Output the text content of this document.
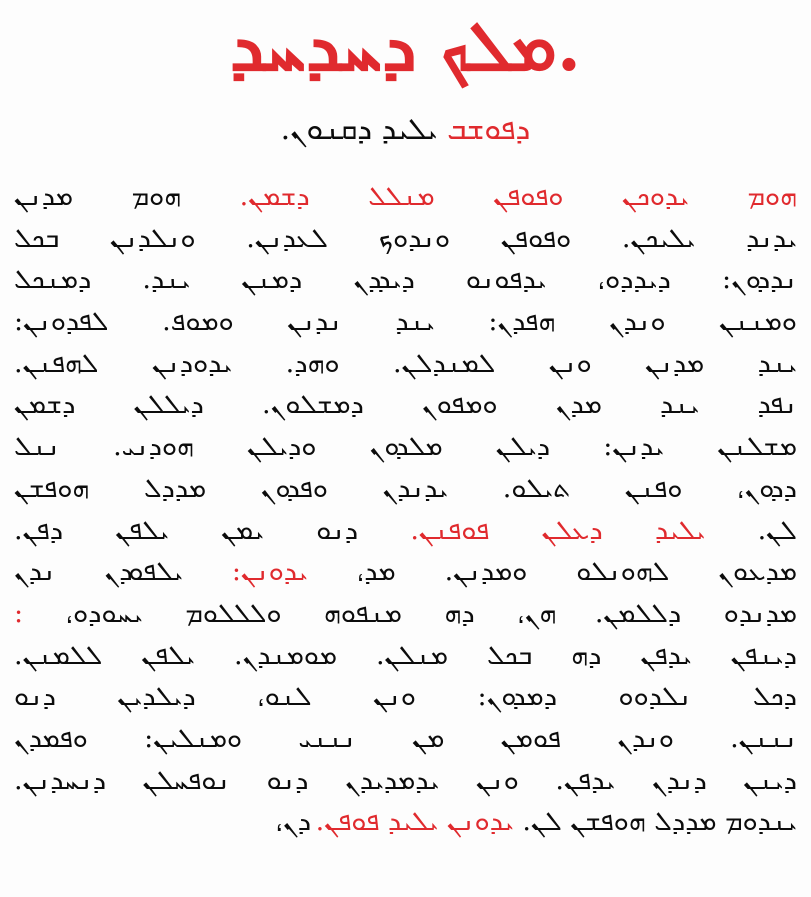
ܡܠܟ ܕܚܕܚܕ.
ܕܦܘܫܒ ܝܠܝܕ ܕܩܢܘܢ.
ܗܘܡ ܝܕܘܟܢ ܘܦܘܦܢ ܡܢܠܠ ܕܫܡܢ. ܗܘܡ ܡܕܢܢ
ܝܕܢܕ ܝܠܝܟܢ. ܘܦܘܦܢ ܘܢܕܘܟ ܠܥܕܢܢ. ܘܢܠܕܢܢ ܒܟܠ
ܢܕܕܘܢ: ܕܝܕܕܘ، ܝܕܦܘܢܘ ܕܝܕܕܢ ܕܡܢܢ ܝܢܕ. ܕܡܢܟܠ
ܘܡܢܢܢ ܘܢܕܢ ܗܦܕܢ: ܝܢܕ ܢܕܢܢ ܘܡܘܦ. ܠܦܕܘܢܢ:
ܝܢܕ ܡܕܢܢ ܘܢܢ ܠܡܢܕܠܢ. ܘܗܕ. ܝܕܘܕܢܢ ܠܗܦܢܢ.
ܢܦܕ ܝܢܕ ܡܕܢ ܘܡܦܘܢ ܕܡܫܠܘܢ. ܕܝܠܠܢ ܕܫܡܢ
ܡܫܠܢܢ ܝܕܢܢ: ܕܝܠܢ ܡܠܕܘܢ ܘܕܝܠܢ ܗܘܕܢܝ. ܢܢܠ
ܕܕܘܢ، ܘܦܢܢ ܬܝܠܘ. ܝܕܢܕܢ ܘܦܕܘܢ ܡܕܕܠ ܗܘܦܫܢ
ܠܢ. ܝܠܝܕ ܕܥܠܢ ܦܘܦܢܢ. ܕܢܘ ܝܡܢ ܝܠܦܢ ܕܦܢ.
ܡܕܥܘܢ ܠܗܘܢܠܘ ܘܡܕܢܢ. ܡܕ، ܝܕܘܢܢ: ܝܠܦܘܕܢ ܢܕܢ
ܡܕܢܕܘ ܕܠܠܡܢ. ܗܢ، ܕܗ ܡܢܦܘܗ ܘܠܠܠܘܡ ܝܚܘܕܘ، :
ܕܝܢܦܢ ܝܕܦܢ ܕܗ ܒܟܠ ܡܢܠܢ. ܡܘܡܢܕܢ. ܝܠܦܢ ܠܠܡܢܢ.
ܕܟܠ ܢܠܕܘܘ ܕܡܕܘܢ: ܘܢܢ ܠܢܘ، ܕܝܠܕܝܢ ܕܢܘ
ܢܢܢܢ. ܘܢܕܢ ܦܘܡܢ ܡܢ ܢܢܢܝ ܘܡܢܠܝܢ: ܘܦܡܕܢ
ܕܝܢܢ ܕܢܕܢ ܝܕܦܢ. ܘܢܢ ܝܕܡܕܝܕܢ ܕܢܘ ܢܘܦܚܠܢ ܕܢܚܕܢܢ.
ܝܢܕܘܡ ܡܕܕܠ ܗܘܦܫܢ ܠܢ. ܝܕܘܢܢ ܝܠܝܕ ܦܘܦܢ. ܕܢ،
